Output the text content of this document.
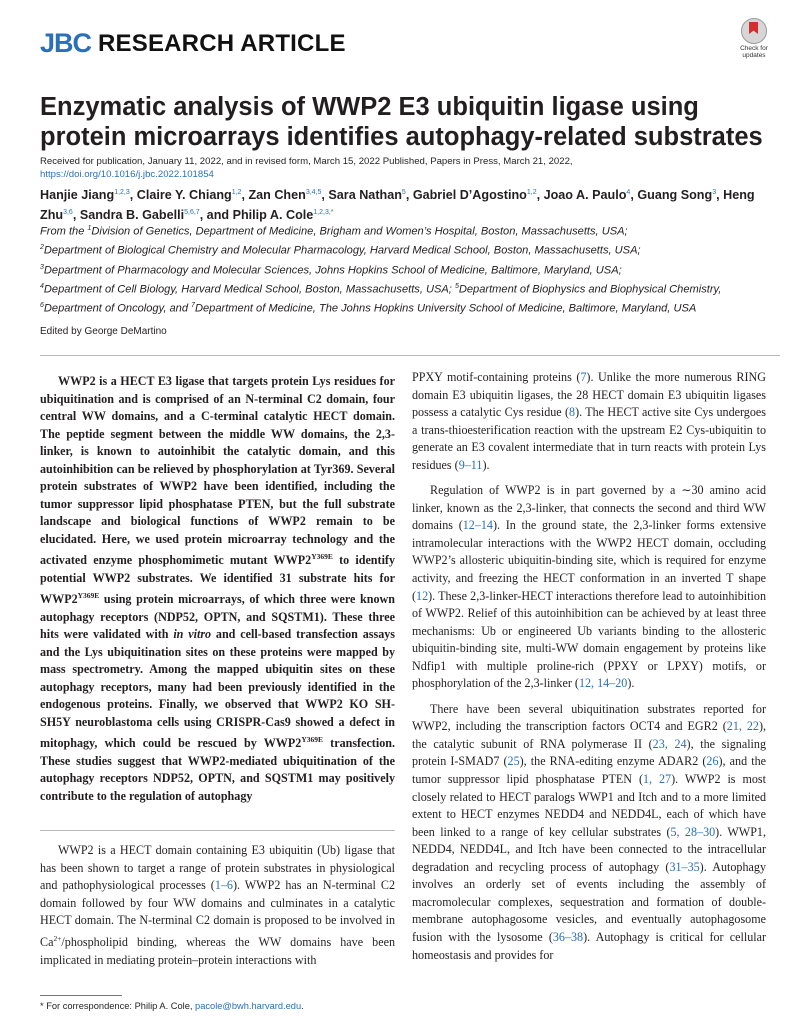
JBC RESEARCH ARTICLE	Check for
updates
Enzymatic analysis of WWP2 E3 ubiquitin ligase using protein microarrays identifies autophagy-related substrates
Received for publication, January 11, 2022, and in revised form, March 15, 2022 Published, Papers in Press, March 21, 2022,
https://doi.org/10.1016/j.jbc.2022.101854
Hanjie Jiang$^{1,2,3}$, Claire Y. Chiang$^{1,2}$, Zan Chen$^{3,4,5}$, Sara Nathan$^5$, Gabriel D’Agostino$^{1,2}$, Joao A. Paulo$^4$, Guang Song$^3$, Heng Zhu$^{3,6}$, Sandra B. Gabelli$^{5,6,7}$, and Philip A. Cole$^{1,2,3,*}$

From the $^1$Division of Genetics, Department of Medicine, Brigham and Women’s Hospital, Boston, Massachusetts, USA;

$^2$Department of Biological Chemistry and Molecular Pharmacology, Harvard Medical School, Boston, Massachusetts, USA;

$^3$Department of Pharmacology and Molecular Sciences, Johns Hopkins School of Medicine, Baltimore, Maryland, USA;

$^4$Department of Cell Biology, Harvard Medical School, Boston, Massachusetts, USA; $^5$Department of Biophysics and Biophysical Chemistry, $^6$Department of Oncology, and $^7$Department of Medicine, The Johns Hopkins University School of Medicine, Baltimore, Maryland, USA

Edited by George DeMartino

WWP2 is a HECT E3 ligase that targets protein Lys residues for ubiquitination and is comprised of an N-terminal C2 domain, four central WW domains, and a C-terminal catalytic HECT domain. The peptide segment between the middle WW domains, the 2,3-linker, is known to autoinhibit the catalytic domain, and this autoinhibition can be relieved by phosphorylation at Tyr369. Several protein substrates of WWP2 have been identified, including the tumor suppressor lipid phosphatase PTEN, but the full substrate landscape and biological functions of WWP2 remain to be elucidated. Here, we used protein microarray technology and the activated enzyme phosphomimetic mutant $WWP2^{Y369E}$ to identify potential WWP2 substrates. We identified 31 substrate hits for $WWP2^{Y369E}$ using protein microarrays, of which three were known autophagy receptors (NDP52, OPTN, and SQSTM1). These three hits were validated with in vitro and cell-based transfection assays and the Lys ubiquitination sites on these proteins were mapped by mass spectrometry. Among the mapped ubiquitin sites on these autophagy receptors, many had been previously identified in the endogenous proteins. Finally, we observed that WWP2 KO SH-SH5Y neuroblastoma cells using CRISPR-Cas9 showed a defect in mitophagy, which could be rescued by $WWP2^{Y369E}$ transfection. These studies suggest that WWP2-mediated ubiquitination of the autophagy receptors NDP52, OPTN, and SQSTM1 may positively contribute to the regulation of autophagy

WWP2 is a HECT domain containing E3 ubiquitin (Ub) ligase that has been shown to target a range of protein substrates in physiological and pathophysiological processes (1–6). WWP2 has an N-terminal C2 domain followed by four WW domains and culminates in a catalytic HECT domain. The N-terminal C2 domain is proposed to be involved in $Ca^{2+}$/phospholipid binding, whereas the WW domains have been implicated in mediating protein–protein interactions with

* For correspondence: Philip A. Cole, pacole@bwh.harvard.edu.

PPXY motif-containing proteins (7). Unlike the more numerous RING domain E3 ubiquitin ligases, the 28 HECT domain E3 ubiquitin ligases possess a catalytic Cys residue (8). The HECT active site Cys undergoes a trans-thioesterification reaction with the upstream E2 Cys-ubiquitin to generate an E3 covalent intermediate that in turn reacts with protein Lys residues (9–11).

Regulation of WWP2 is in part governed by a ∼30 amino acid linker, known as the 2,3-linker, that connects the second and third WW domains (12–14). In the ground state, the 2,3-linker forms extensive intramolecular interactions with the WWP2 HECT domain, occluding WWP2’s allosteric ubiquitin-binding site, which is required for enzyme activity, and freezing the HECT conformation in an inverted T shape (12). These 2,3-linker-HECT interactions therefore lead to autoinhibition of WWP2. Relief of this autoinhibition can be achieved by at least three mechanisms: Ub or engineered Ub variants binding to the allosteric ubiquitin-binding site, multi-WW domain engagement by proteins like Ndfip1 with multiple proline-rich (PPXY or LPXY) motifs, or phosphorylation of the 2,3-linker (12, 14–20).

There have been several ubiquitination substrates reported for WWP2, including the transcription factors OCT4 and EGR2 (21, 22), the catalytic subunit of RNA polymerase II (23, 24), the signaling protein I-SMAD7 (25), the RNA-editing enzyme ADAR2 (26), and the tumor suppressor lipid phosphatase PTEN (1, 27). WWP2 is most closely related to HECT paralogs WWP1 and Itch and to a more limited extent to HECT enzymes NEDD4 and NEDD4L, each of which have been linked to a range of key cellular substrates (5, 28–30). WWP1, NEDD4, NEDD4L, and Itch have been connected to the intracellular degradation and recycling process of autophagy (31–35). Autophagy involves an orderly set of events including the assembly of macromolecular complexes, sequestration and formation of double-membrane autophagosome vesicles, and eventually autophagosome fusion with the lysosome (36–38). Autophagy is critical for cellular homeostasis and provides for
